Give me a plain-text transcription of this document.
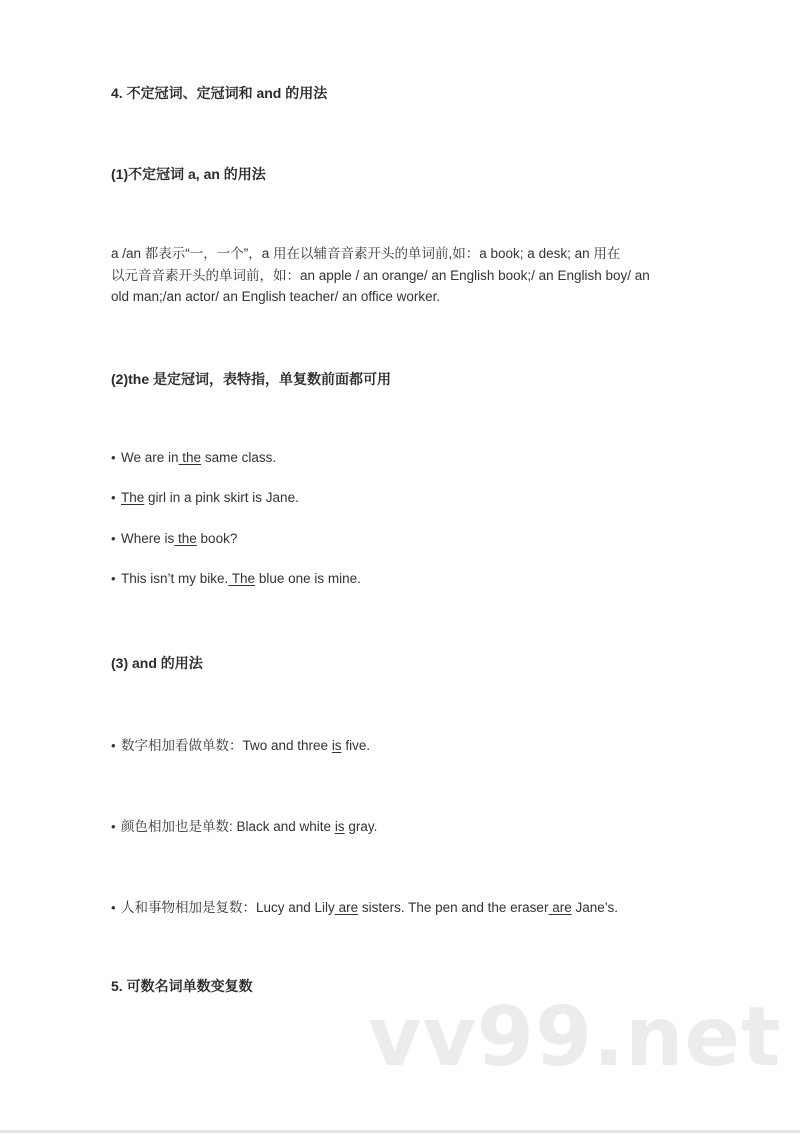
4. 不定冠词、定冠词和 and 的用法
(1)不定冠词 a, an 的用法
a /an 都表示“一，一个”，a 用在以辅音音素开头的单词前,如：a book; a desk; an 用在
以元音音素开头的单词前，如：an apple / an orange/ an English book;/ an English boy/ an
old man;/an actor/ an English teacher/ an office worker.
(2)the 是定冠词，表特指，单复数前面都可用
• We are in the same class.
• The girl in a pink skirt is Jane.
• Where is the book?
• This isn’t my bike. The blue one is mine.
(3) and 的用法
• 数字相加看做单数：Two and three is five.
• 颜色相加也是单数: Black and white is gray.
• 人和事物相加是复数：Lucy and Lily are sisters. The pen and the eraser are Jane’s.
5. 可数名词单数变复数
vv99.net
